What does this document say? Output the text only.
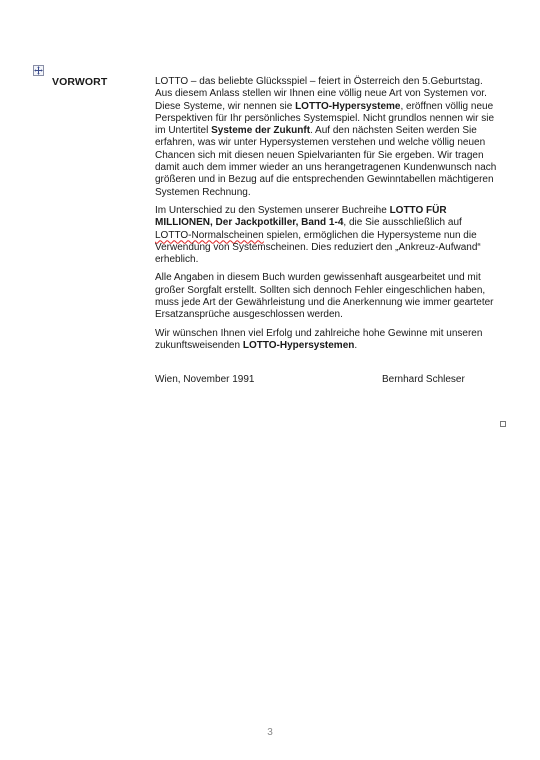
VORWORT	LOTTO – das beliebte Glücksspiel – feiert in Österreich den 5.Geburtstag. Aus diesem Anlass stellen wir Ihnen eine völlig neue Art von Systemen vor. Diese Systeme, wir nennen sie LOTTO-Hypersysteme, eröffnen völlig neue Perspektiven für Ihr persönliches Systemspiel. Nicht grundlos nennen wir sie im Untertitel Systeme der Zukunft. Auf den nächsten Seiten werden Sie erfahren, was wir unter Hypersystemen verstehen und welche völlig neuen Chancen sich mit diesen neuen Spielvarianten für Sie ergeben. Wir tragen damit auch dem immer wieder an uns herangetragenen Kundenwunsch nach größeren und in Bezug auf die entsprechenden Gewinntabellen mächtigeren Systemen Rechnung.

Im Unterschied zu den Systemen unserer Buchreihe LOTTO FÜR MILLIONEN, Der Jackpotkiller, Band 1-4, die Sie ausschließlich auf LOTTO-Normalscheinen spielen, ermöglichen die Hypersysteme nun die Verwendung von Systemscheinen. Dies reduziert den „Ankreuz-Aufwand“ erheblich.

Alle Angaben in diesem Buch wurden gewissenhaft ausgearbeitet und mit großer Sorgfalt erstellt. Sollten sich dennoch Fehler eingeschlichen haben, muss jede Art der Gewährleistung und die Anerkennung wie immer gearteter Ersatzansprüche ausgeschlossen werden.

Wir wünschen Ihnen viel Erfolg und zahlreiche hohe Gewinne mit unseren zukunftsweisenden LOTTO-Hypersystemen.

Wien, November 1991	Bernhard Schleser
3
